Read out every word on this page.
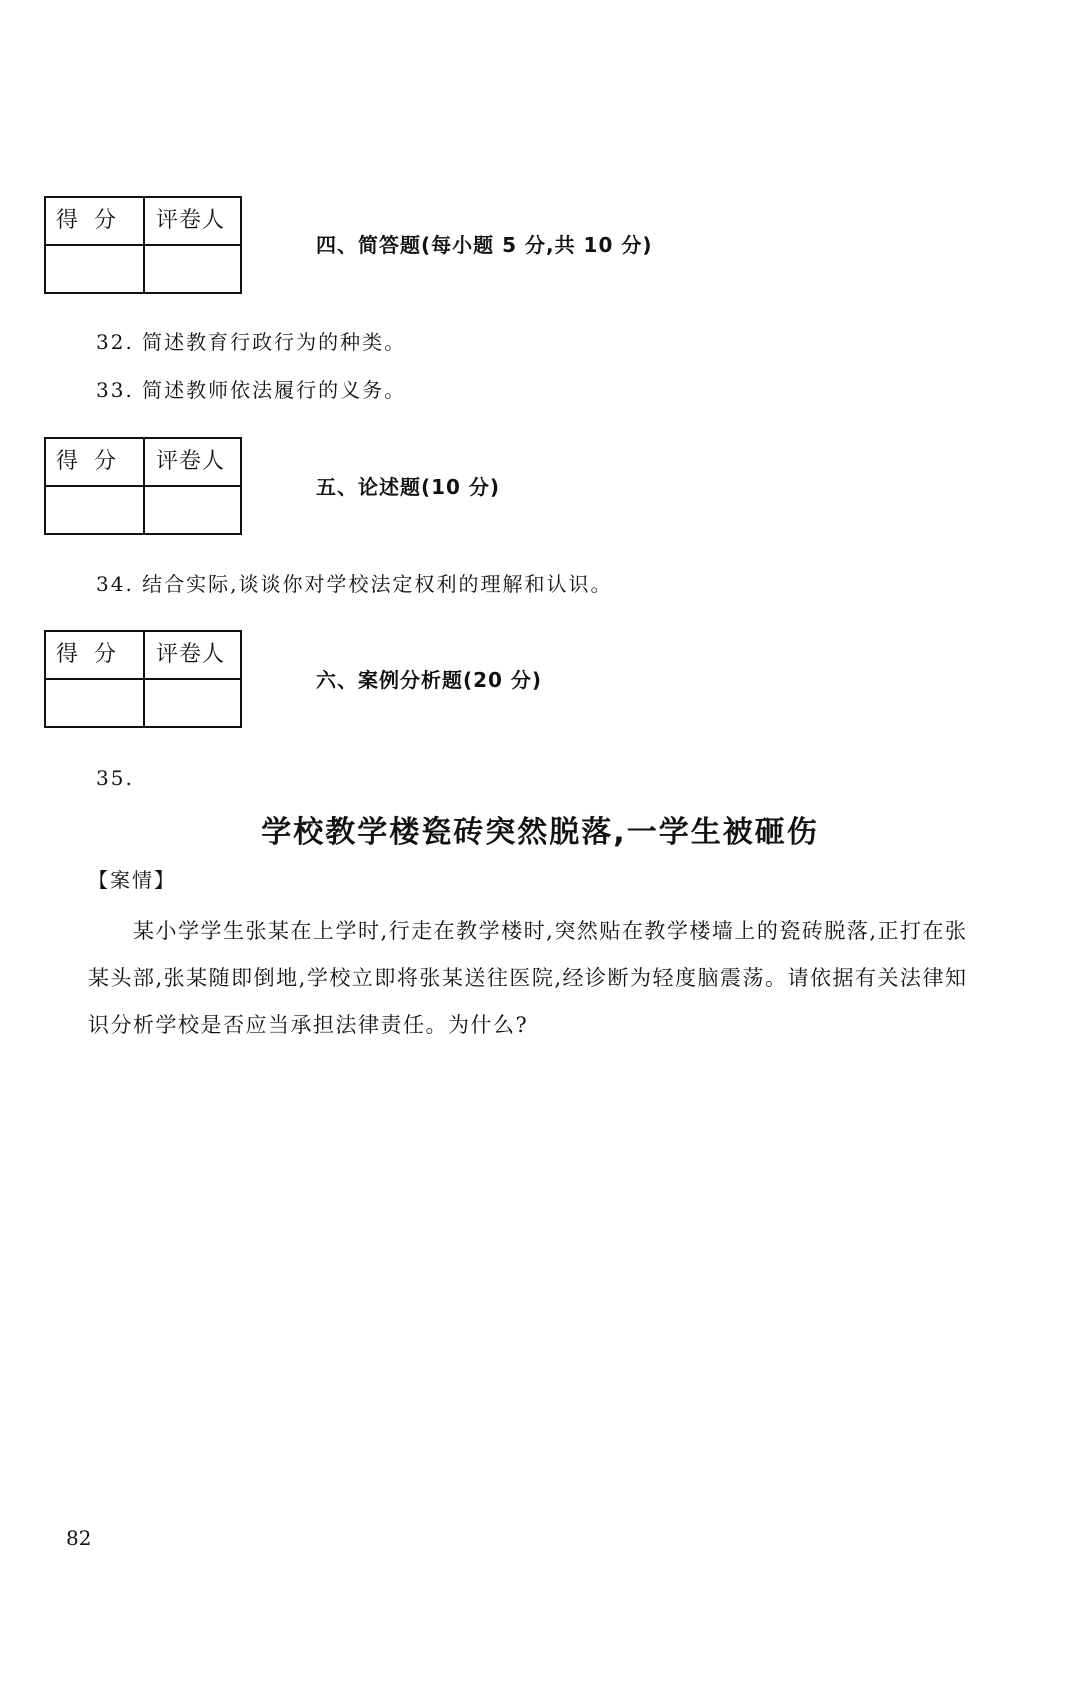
得分	评卷人
四、简答题(每小题 5 分,共 10 分)
32. 简述教育行政行为的种类。
33. 简述教师依法履行的义务。
得分	评卷人
五、论述题(10 分)
34. 结合实际,谈谈你对学校法定权利的理解和认识。
得分	评卷人
六、案例分析题(20 分)
35.
学校教学楼瓷砖突然脱落,一学生被砸伤
【案情】
　　某小学学生张某在上学时,行走在教学楼时,突然贴在教学楼墙上的瓷砖脱落,正打在张
某头部,张某随即倒地,学校立即将张某送往医院,经诊断为轻度脑震荡。请依据有关法律知
识分析学校是否应当承担法律责任。为什么?
82
